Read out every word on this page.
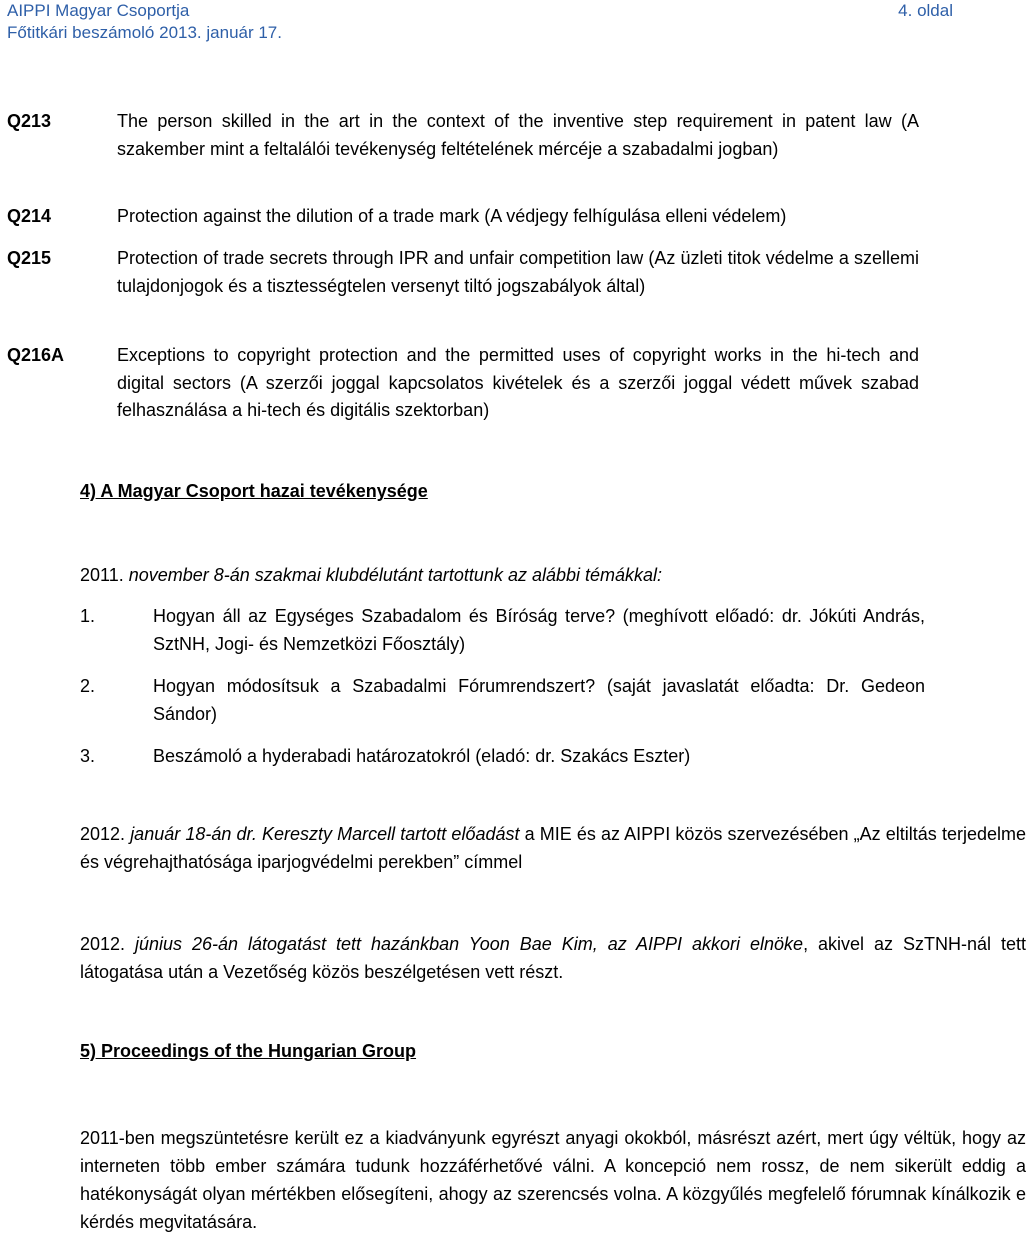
AIPPI Magyar Csoportja	4. oldal
Főtitkári beszámoló 2013. január 17.
Q213	The person skilled in the art in the context of the inventive step requirement in patent law (A szakember mint a feltalálói tevékenység feltételének mércéje a szabadalmi jogban)
Q214	Protection against the dilution of a trade mark (A védjegy felhígulása elleni védelem)
Q215	Protection of trade secrets through IPR and unfair competition law (Az üzleti titok védelme a szellemi tulajdonjogok és a tisztességtelen versenyt tiltó jogszabályok által)
Q216A	Exceptions to copyright protection and the permitted uses of copyright works in the hi-tech and digital sectors (A szerzői joggal kapcsolatos kivételek és a szerzői joggal védett művek szabad felhasználása a hi-tech és digitális szektorban)
4) A Magyar Csoport hazai tevékenysége
2011. november 8-án szakmai klubdélutánt tartottunk az alábbi témákkal:
1.	Hogyan áll az Egységes Szabadalom és Bíróság terve? (meghívott előadó: dr. Jókúti András, SztNH, Jogi- és Nemzetközi Főosztály)
2.	Hogyan módosítsuk a Szabadalmi Fórumrendszert? (saját javaslatát előadta: Dr. Gedeon Sándor)
3.	Beszámoló a hyderabadi határozatokról (eladó: dr. Szakács Eszter)
2012. január 18-án dr. Kereszty Marcell tartott előadást a MIE és az AIPPI közös szervezésében „Az eltiltás terjedelme és végrehajthatósága iparjogvédelmi perekben” címmel
2012. június 26-án látogatást tett hazánkban Yoon Bae Kim, az AIPPI akkori elnöke, akivel az SzTNH-nál tett látogatása után a Vezetőség közös beszélgetésen vett részt.
5) Proceedings of the Hungarian Group
2011-ben megszüntetésre került ez a kiadványunk egyrészt anyagi okokból, másrészt azért, mert úgy véltük, hogy az interneten több ember számára tudunk hozzáférhetővé válni. A koncepció nem rossz, de nem sikerült eddig a hatékonyságát olyan mértékben elősegíteni, ahogy az szerencsés volna. A közgyűlés megfelelő fórumnak kínálkozik e kérdés megvitatására.
